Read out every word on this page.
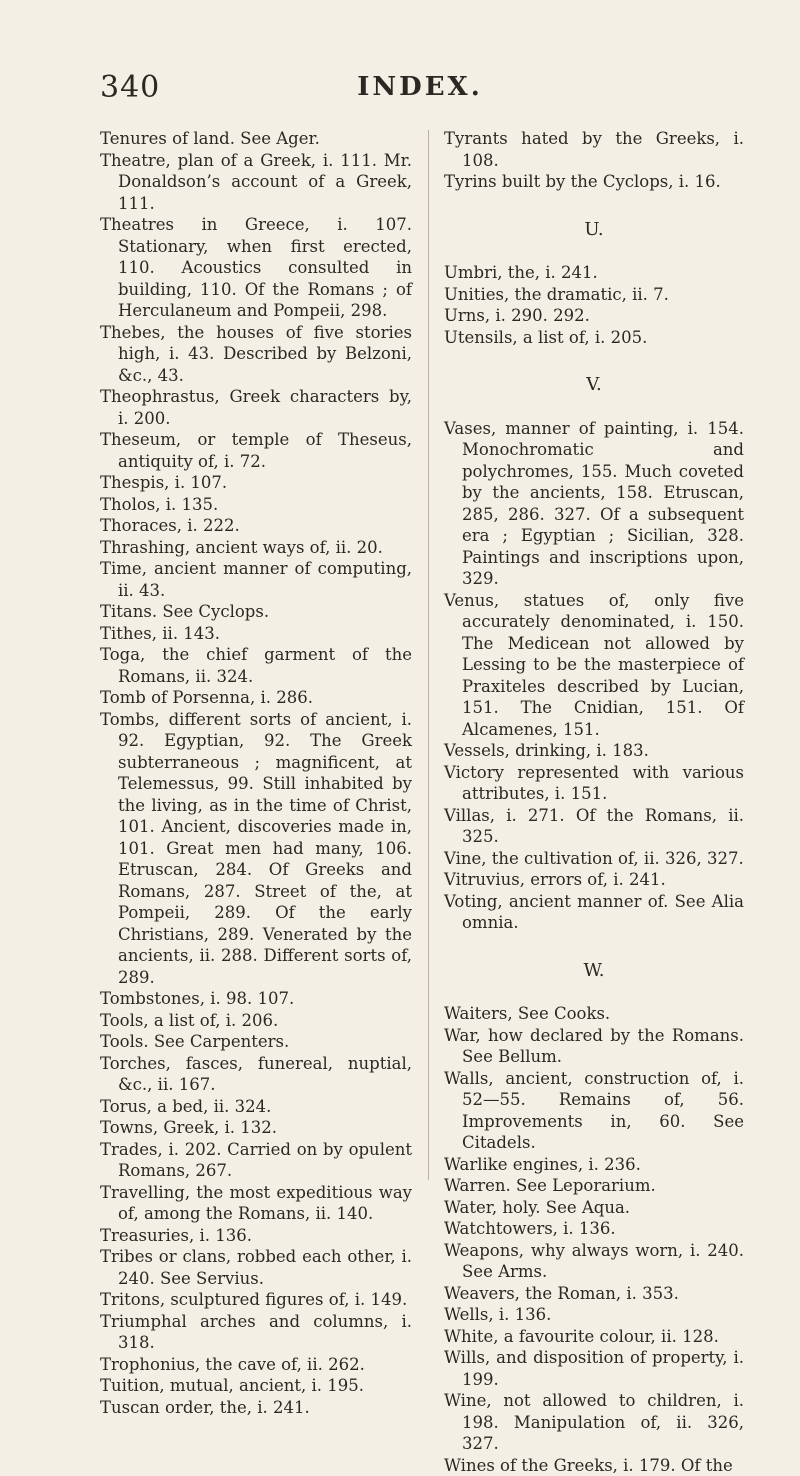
340	INDEX.

Tenures of land. See Ager.

Theatre, plan of a Greek, i. 111. Mr. Donaldson’s account of a Greek, 111.

Theatres in Greece, i. 107. Stationary, when first erected, 110. Acoustics consulted in building, 110. Of the Romans ; of Herculaneum and Pompeii, 298.

Thebes, the houses of five stories high, i. 43. Described by Belzoni, &c., 43.

Theophrastus, Greek characters by, i. 200.

Theseum, or temple of Theseus, antiquity of, i. 72.

Thespis, i. 107.

Tholos, i. 135.

Thoraces, i. 222.

Thrashing, ancient ways of, ii. 20.

Time, ancient manner of computing, ii. 43.

Titans. See Cyclops.

Tithes, ii. 143.

Toga, the chief garment of the Romans, ii. 324.

Tomb of Porsenna, i. 286.

Tombs, different sorts of ancient, i. 92. Egyptian, 92. The Greek subterraneous ; magnificent, at Telemessus, 99. Still inhabited by the living, as in the time of Christ, 101. Ancient, discoveries made in, 101. Great men had many, 106. Etruscan, 284. Of Greeks and Romans, 287. Street of the, at Pompeii, 289. Of the early Christians, 289. Venerated by the ancients, ii. 288. Different sorts of, 289.

Tombstones, i. 98. 107.

Tools, a list of, i. 206.

Tools. See Carpenters.

Torches, fasces, funereal, nuptial, &c., ii. 167.

Torus, a bed, ii. 324.

Towns, Greek, i. 132.

Trades, i. 202. Carried on by opulent Romans, 267.

Travelling, the most expeditious way of, among the Romans, ii. 140.

Treasuries, i. 136.

Tribes or clans, robbed each other, i. 240. See Servius.

Tritons, sculptured figures of, i. 149.

Triumphal arches and columns, i. 318.

Trophonius, the cave of, ii. 262.

Tuition, mutual, ancient, i. 195.

Tuscan order, the, i. 241.

Tyrants hated by the Greeks, i. 108.

Tyrins built by the Cyclops, i. 16.

U.

Umbri, the, i. 241.

Unities, the dramatic, ii. 7.

Urns, i. 290. 292.

Utensils, a list of, i. 205.

V.

Vases, manner of painting, i. 154. Monochromatic and polychromes, 155. Much coveted by the ancients, 158. Etruscan, 285, 286. 327. Of a subsequent era ; Egyptian ; Sicilian, 328. Paintings and inscriptions upon, 329.

Venus, statues of, only five accurately denominated, i. 150. The Medicean not allowed by Lessing to be the masterpiece of Praxiteles described by Lucian, 151. The Cnidian, 151. Of Alcamenes, 151.

Vessels, drinking, i. 183.

Victory represented with various attributes, i. 151.

Villas, i. 271. Of the Romans, ii. 325.

Vine, the cultivation of, ii. 326, 327.

Vitruvius, errors of, i. 241.

Voting, ancient manner of. See Alia omnia.

W.

Waiters, See Cooks.

War, how declared by the Romans. See Bellum.

Walls, ancient, construction of, i. 52—55. Remains of, 56. Improvements in, 60. See Citadels.

Warlike engines, i. 236.

Warren. See Leporarium.

Water, holy. See Aqua.

Watchtowers, i. 136.

Weapons, why always worn, i. 240. See Arms.

Weavers, the Roman, i. 353.

Wells, i. 136.

White, a favourite colour, ii. 128.

Wills, and disposition of property, i. 199.

Wine, not allowed to children, i. 198. Manipulation of, ii. 326, 327.

Wines of the Greeks, i. 179. Of the
